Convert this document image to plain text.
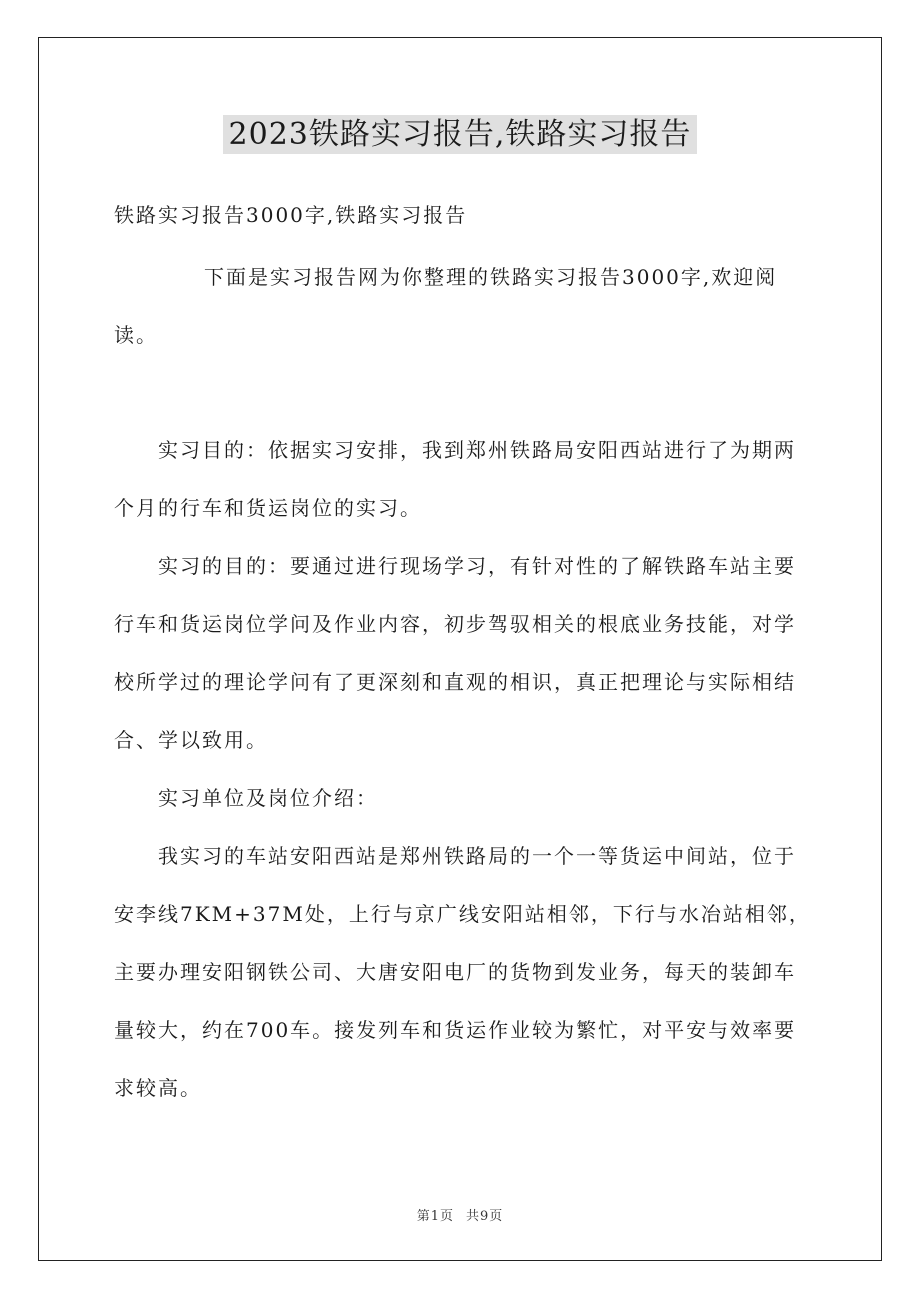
2023铁路实习报告,铁路实习报告
铁路实习报告3000字,铁路实习报告
下面是实习报告网为你整理的铁路实习报告3000字,欢迎阅读。

实习目的：依据实习安排，我到郑州铁路局安阳西站进行了为期两个月的行车和货运岗位的实习。

实习的目的：要通过进行现场学习，有针对性的了解铁路车站主要行车和货运岗位学问及作业内容，初步驾驭相关的根底业务技能，对学校所学过的理论学问有了更深刻和直观的相识，真正把理论与实际相结合、学以致用。

实习单位及岗位介绍：

我实习的车站安阳西站是郑州铁路局的一个一等货运中间站，位于安李线7KM+37M处，上行与京广线安阳站相邻，下行与水冶站相邻，主要办理安阳钢铁公司、大唐安阳电厂的货物到发业务，每天的装卸车量较大，约在700车。接发列车和货运作业较为繁忙，对平安与效率要求较高。

第1页 共9页
